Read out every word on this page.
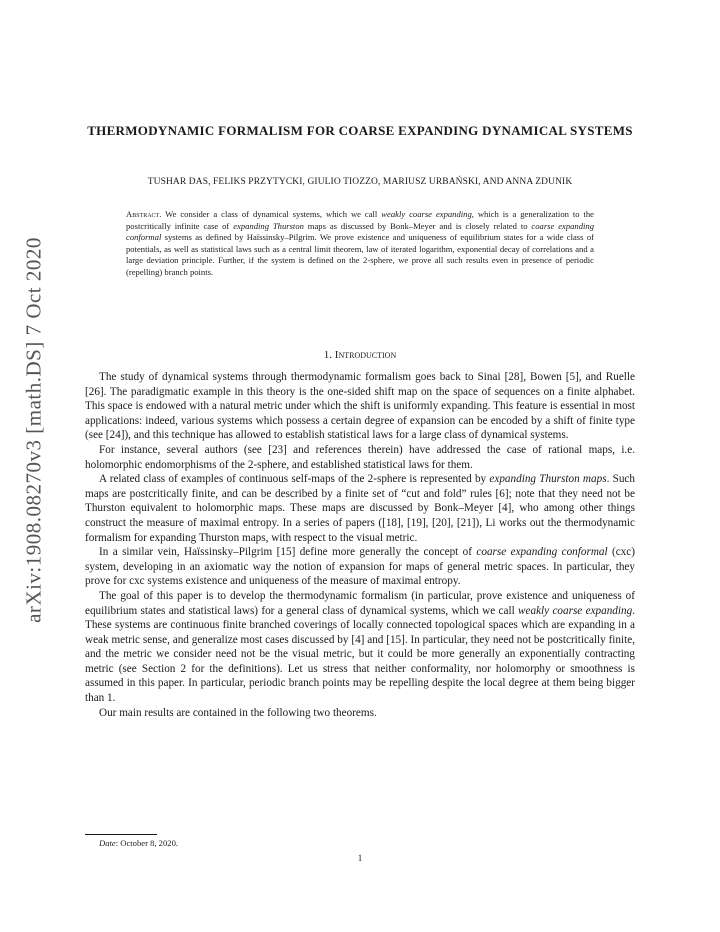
arXiv:1908.08270v3 [math.DS] 7 Oct 2020
THERMODYNAMIC FORMALISM FOR COARSE EXPANDING DYNAMICAL SYSTEMS
TUSHAR DAS, FELIKS PRZYTYCKI, GIULIO TIOZZO, MARIUSZ URBAŃSKI, AND ANNA ZDUNIK
Abstract. We consider a class of dynamical systems, which we call weakly coarse expanding, which is a generalization to the postcritically infinite case of expanding Thurston maps as discussed by Bonk–Meyer and is closely related to coarse expanding conformal systems as defined by Haïssinsky–Pilgrim. We prove existence and uniqueness of equilibrium states for a wide class of potentials, as well as statistical laws such as a central limit theorem, law of iterated logarithm, exponential decay of correlations and a large deviation principle. Further, if the system is defined on the 2-sphere, we prove all such results even in presence of periodic (repelling) branch points.
1. Introduction

The study of dynamical systems through thermodynamic formalism goes back to Sinai [28], Bowen [5], and Ruelle [26]. The paradigmatic example in this theory is the one-sided shift map on the space of sequences on a finite alphabet. This space is endowed with a natural metric under which the shift is uniformly expanding. This feature is essential in most applications: indeed, various systems which possess a certain degree of expansion can be encoded by a shift of finite type (see [24]), and this technique has allowed to establish statistical laws for a large class of dynamical systems.

For instance, several authors (see [23] and references therein) have addressed the case of rational maps, i.e. holomorphic endomorphisms of the 2-sphere, and established statistical laws for them.

A related class of examples of continuous self-maps of the 2-sphere is represented by expanding Thurston maps. Such maps are postcritically finite, and can be described by a finite set of “cut and fold” rules [6]; note that they need not be Thurston equivalent to holomorphic maps. These maps are discussed by Bonk–Meyer [4], who among other things construct the measure of maximal entropy. In a series of papers ([18], [19], [20], [21]), Li works out the thermodynamic formalism for expanding Thurston maps, with respect to the visual metric.

In a similar vein, Haïssinsky–Pilgrim [15] define more generally the concept of coarse expanding conformal (cxc) system, developing in an axiomatic way the notion of expansion for maps of general metric spaces. In particular, they prove for cxc systems existence and uniqueness of the measure of maximal entropy.

The goal of this paper is to develop the thermodynamic formalism (in particular, prove existence and uniqueness of equilibrium states and statistical laws) for a general class of dynamical systems, which we call weakly coarse expanding. These systems are continuous finite branched coverings of locally connected topological spaces which are expanding in a weak metric sense, and generalize most cases discussed by [4] and [15]. In particular, they need not be postcritically finite, and the metric we consider need not be the visual metric, but it could be more generally an exponentially contracting metric (see Section 2 for the definitions). Let us stress that neither conformality, nor holomorphy or smoothness is assumed in this paper. In particular, periodic branch points may be repelling despite the local degree at them being bigger than 1.

Our main results are contained in the following two theorems.

Date: October 8, 2020.
1
